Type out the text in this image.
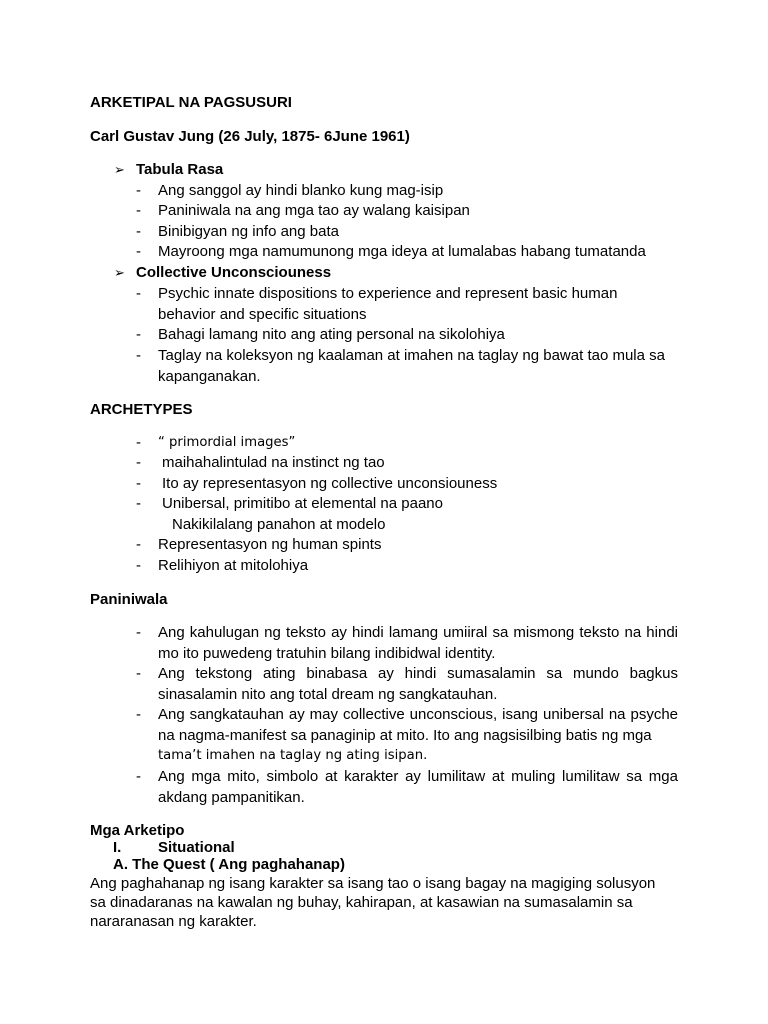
ARKETIPAL NA PAGSUSURI
Carl Gustav Jung (26 July, 1875- 6June 1961)
➢ Tabula Rasa
- Ang sanggol ay hindi blanko kung mag-isip
- Paniniwala na ang mga tao ay walang kaisipan
- Binibigyan ng info ang bata
- Mayroong mga namumunong mga ideya at lumalabas habang tumatanda
➢ Collective Unconsciouness
- Psychic innate dispositions to experience and represent basic human behavior and specific situations
- Bahagi lamang nito ang ating personal na sikolohiya
- Taglay na koleksyon ng kaalaman at imahen na taglay ng bawat tao mula sa kapanganakan.
ARCHETYPES
- “ primordial images”
- maihahalintulad na instinct ng tao
- Ito ay representasyon ng collective unconsiouness
- Unibersal, primitibo at elemental na paano
Nakikilalang panahon at modelo
- Representasyon ng human spints
- Relihiyon at mitolohiya
Paniniwala
- Ang kahulugan ng teksto ay hindi lamang umiiral sa mismong teksto na hindi mo ito puwedeng tratuhin bilang indibidwal identity.
- Ang tekstong ating binabasa ay hindi sumasalamin sa mundo bagkus sinasalamin nito ang total dream ng sangkatauhan.
- Ang sangkatauhan ay may collective unconscious, isang unibersal na psyche na nagma-manifest sa panaginip at mito. Ito ang nagsisilbing batis ng mga
tama’t imahen na taglay ng ating isipan.
- Ang mga mito, simbolo at karakter ay lumilitaw at muling lumilitaw sa mga akdang pampanitikan.
Mga Arketipo
I. Situational
A. The Quest ( Ang paghahanap)
Ang paghahanap ng isang karakter sa isang tao o isang bagay na magiging solusyon sa dinadaranas na kawalan ng buhay, kahirapan, at kasawian na sumasalamin sa nararanasan ng karakter.
